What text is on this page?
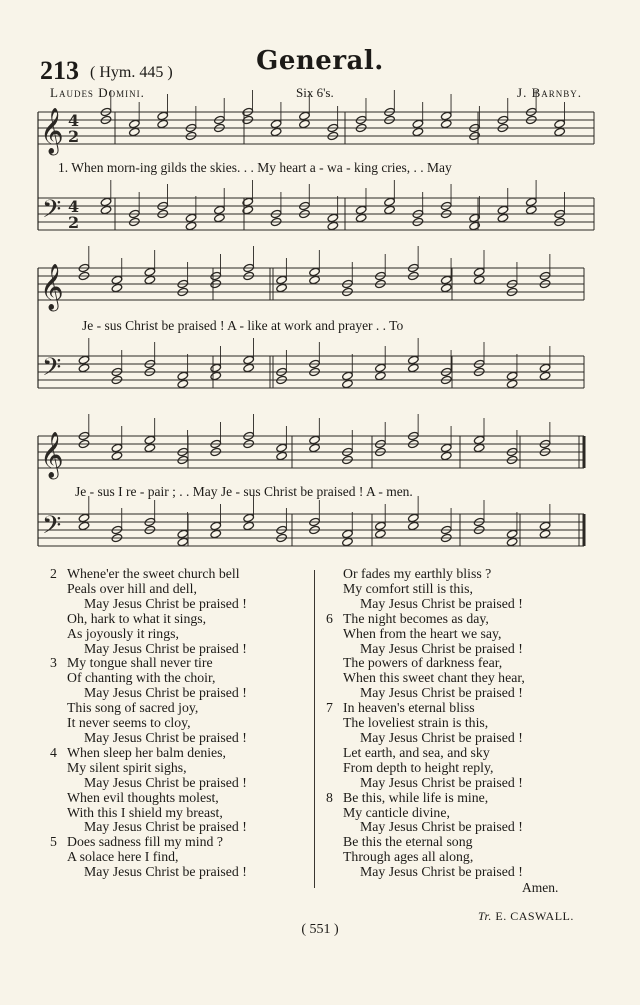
213 ( Hym. 445 )	General.
Laudes Domini.	Six 6's.	J. Barnby.
𝄞
𝄢
4
4
2
2
𝄞
𝄢
𝄞
𝄢
1. When morn-ing gilds the skies. . . My heart a - wa - king cries, . . May
Je - sus Christ be praised ! A - like at work and prayer . . To
Je - sus I re - pair ; . . May Je - sus Christ be praised ! A - men.
2 Whene'er the sweet church bell
Peals over hill and dell,
May Jesus Christ be praised !
Oh, hark to what it sings,
As joyously it rings,
May Jesus Christ be praised !
3 My tongue shall never tire
Of chanting with the choir,
May Jesus Christ be praised !
This song of sacred joy,
It never seems to cloy,
May Jesus Christ be praised !
4 When sleep her balm denies,
My silent spirit sighs,
May Jesus Christ be praised !
When evil thoughts molest,
With this I shield my breast,
May Jesus Christ be praised !
5 Does sadness fill my mind ?
A solace here I find,
May Jesus Christ be praised !
Or fades my earthly bliss ?
My comfort still is this,
May Jesus Christ be praised !
6 The night becomes as day,
When from the heart we say,
May Jesus Christ be praised !
The powers of darkness fear,
When this sweet chant they hear,
May Jesus Christ be praised !
7 In heaven's eternal bliss
The loveliest strain is this,
May Jesus Christ be praised !
Let earth, and sea, and sky
From depth to height reply,
May Jesus Christ be praised !
8 Be this, while life is mine,
My canticle divine,
May Jesus Christ be praised !
Be this the eternal song
Through ages all along,
May Jesus Christ be praised !
Amen.
Tr. E. CASWALL.
( 551 )
